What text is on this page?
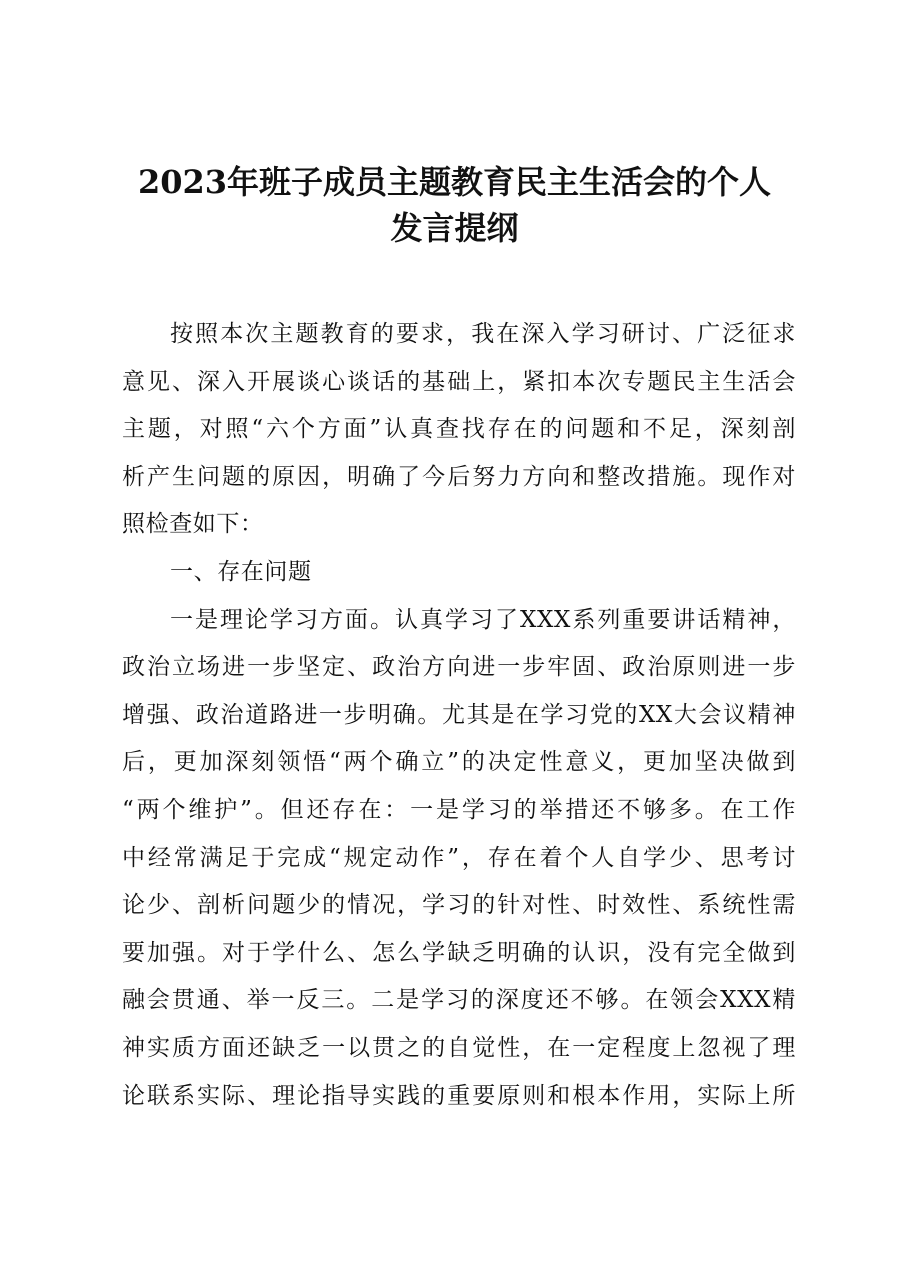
2023年班子成员主题教育民主生活会的个人
发言提纲
按照本次主题教育的要求，我在深入学习研讨、广泛征求
意见、深入开展谈心谈话的基础上，紧扣本次专题民主生活会
主题，对照“六个方面”认真查找存在的问题和不足，深刻剖
析产生问题的原因，明确了今后努力方向和整改措施。现作对
照检查如下：
一、存在问题
一是理论学习方面。认真学习了XXX系列重要讲话精神，
政治立场进一步坚定、政治方向进一步牢固、政治原则进一步
增强、政治道路进一步明确。尤其是在学习党的XX大会议精神
后，更加深刻领悟“两个确立”的决定性意义，更加坚决做到
“两个维护”。但还存在：一是学习的举措还不够多。在工作
中经常满足于完成“规定动作”，存在着个人自学少、思考讨
论少、剖析问题少的情况，学习的针对性、时效性、系统性需
要加强。对于学什么、怎么学缺乏明确的认识，没有完全做到
融会贯通、举一反三。二是学习的深度还不够。在领会XXX精
神实质方面还缺乏一以贯之的自觉性，在一定程度上忽视了理
论联系实际、理论指导实践的重要原则和根本作用，实际上所
